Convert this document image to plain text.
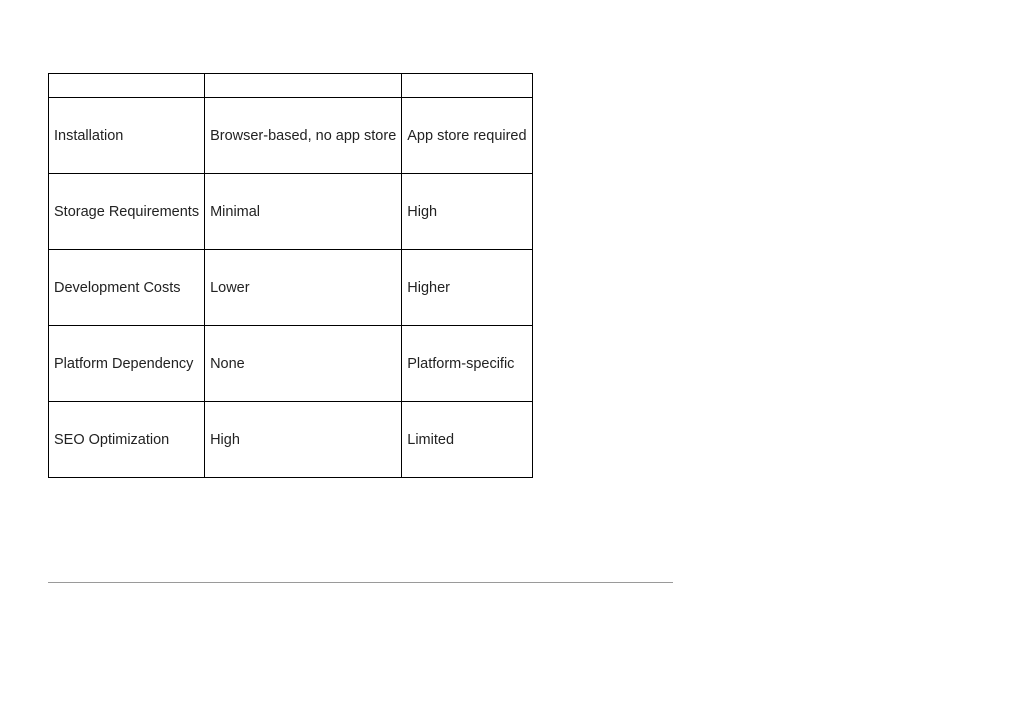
Installation	Browser-based, no app store	App store required
Storage Requirements	Minimal	High
Development Costs	Lower	Higher
Platform Dependency	None	Platform-specific
SEO Optimization	High	Limited
